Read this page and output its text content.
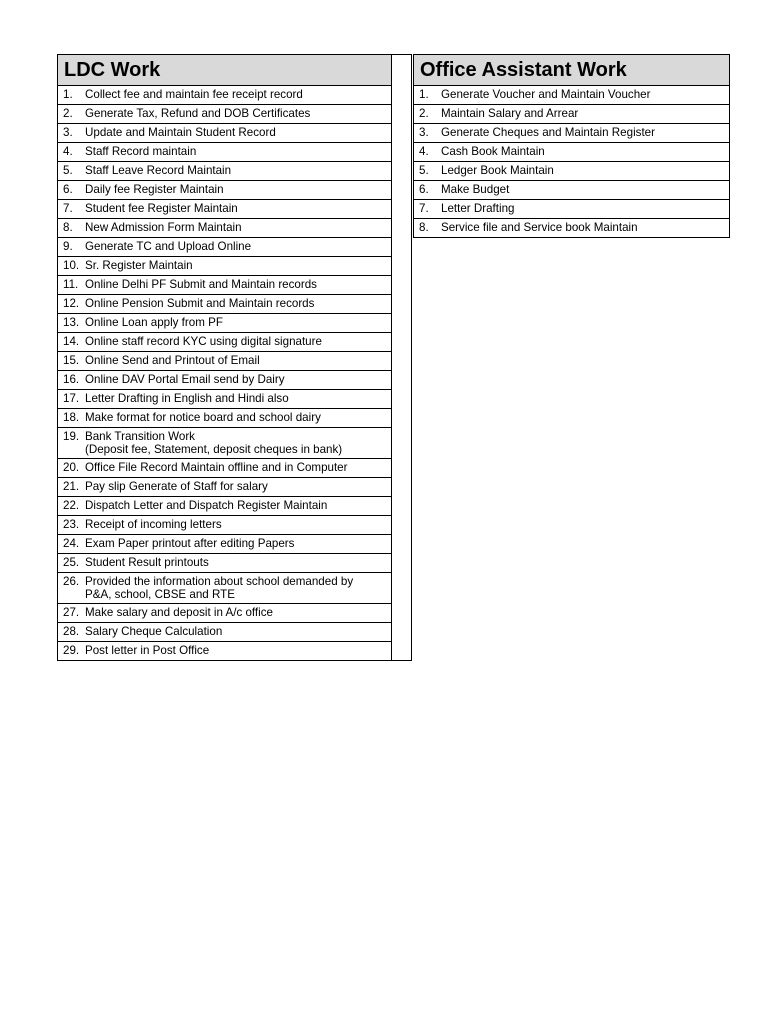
LDC Work	
1.	Collect fee and maintain fee receipt record
2.	Generate Tax, Refund and DOB Certificates
3.	Update and Maintain Student Record
4.	Staff Record maintain
5.	Staff Leave Record Maintain
6.	Daily fee Register Maintain
7.	Student fee Register Maintain
8.	New Admission Form Maintain
9.	Generate TC and Upload Online
10.	Sr. Register Maintain
11.	Online Delhi PF Submit and Maintain records
12.	Online Pension Submit and Maintain records
13.	Online Loan apply from PF
14.	Online staff record KYC using digital signature
15.	Online Send and Printout of Email
16.	Online DAV Portal Email send by Dairy
17.	Letter Drafting in English and Hindi also
18.	Make format for notice board and school dairy
19.	Bank Transition Work
(Deposit fee, Statement, deposit cheques in bank)

20.	Office File Record Maintain offline and in Computer
21.	Pay slip Generate of Staff for salary
22.	Dispatch Letter and Dispatch Register Maintain
23.	Receipt of incoming letters
24.	Exam Paper printout after editing Papers
25.	Student Result printouts
26.	Provided the information about school demanded by
P&A, school, CBSE and RTE

27.	Make salary and deposit in A/c office
28.	Salary Cheque Calculation
29.	Post letter in Post Office
Office Assistant Work	
1.	Generate Voucher and Maintain Voucher
2.	Maintain Salary and Arrear
3.	Generate Cheques and Maintain Register
4.	Cash Book Maintain
5.	Ledger Book Maintain
6.	Make Budget
7.	Letter Drafting
8.	Service file and Service book Maintain
